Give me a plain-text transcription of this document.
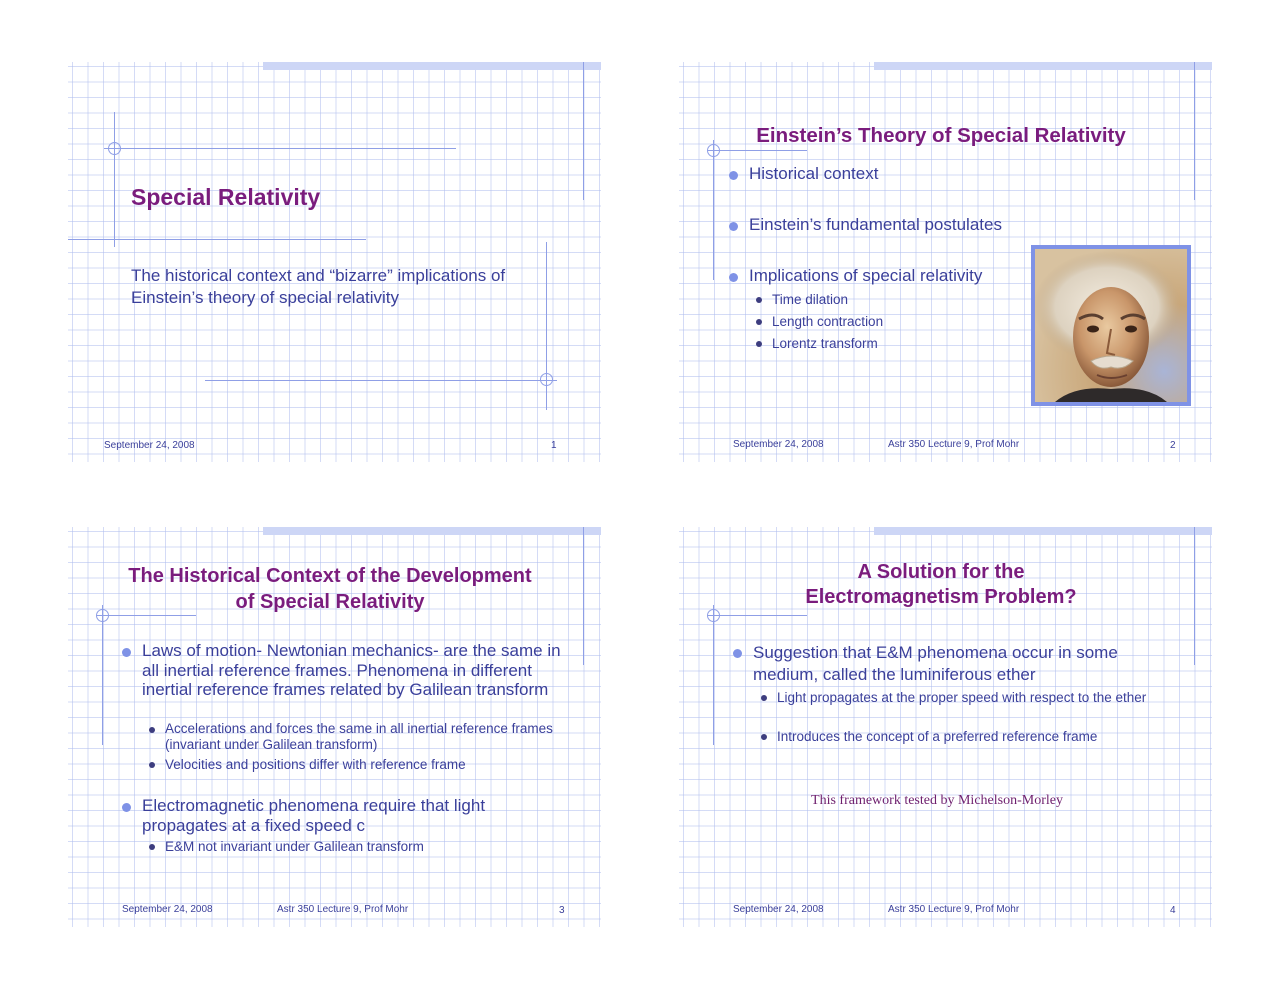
Special Relativity
The historical context and “bizarre” implications of Einstein’s theory of special relativity
September 24, 2008	1
Einstein’s Theory of Special Relativity
Historical context
Einstein’s fundamental postulates
Implications of special relativity
Time dilation
Length contraction
Lorentz transform
September 24, 2008	Astr 350 Lecture 9, Prof Mohr	2
The Historical Context of the Development
of Special Relativity
Laws of motion- Newtonian mechanics- are the same in all inertial reference frames. Phenomena in different inertial reference frames related by Galilean transform
Accelerations and forces the same in all inertial reference frames (invariant under Galilean transform)
Velocities and positions differ with reference frame
Electromagnetic phenomena require that light propagates at a fixed speed c
E&M not invariant under Galilean transform
September 24, 2008	Astr 350 Lecture 9, Prof Mohr	3
A Solution for the
Electromagnetism Problem?
Suggestion that E&M phenomena occur in some medium, called the luminiferous ether
Light propagates at the proper speed with respect to the ether
Introduces the concept of a preferred reference frame
This framework tested by Michelson-Morley
September 24, 2008	Astr 350 Lecture 9, Prof Mohr	4
